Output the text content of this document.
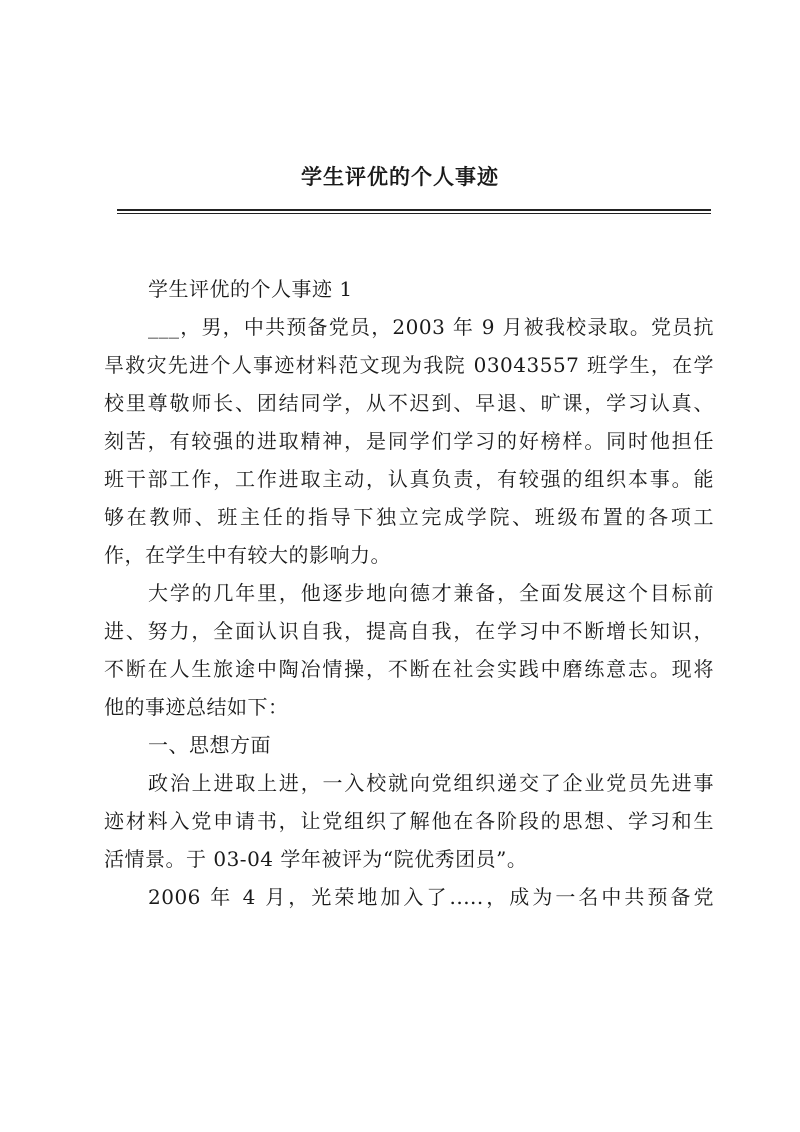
学生评优的个人事迹
学生评优的个人事迹 1
___，男，中共预备党员，2003 年 9 月被我校录取。党员抗
旱救灾先进个人事迹材料范文现为我院 03043557 班学生，在学
校里尊敬师长、团结同学，从不迟到、早退、旷课，学习认真、
刻苦，有较强的进取精神，是同学们学习的好榜样。同时他担任
班干部工作，工作进取主动，认真负责，有较强的组织本事。能
够在教师、班主任的指导下独立完成学院、班级布置的各项工
作，在学生中有较大的影响力。
大学的几年里，他逐步地向德才兼备，全面发展这个目标前
进、努力，全面认识自我，提高自我，在学习中不断增长知识，
不断在人生旅途中陶冶情操，不断在社会实践中磨练意志。现将
他的事迹总结如下：
一、思想方面
政治上进取上进，一入校就向党组织递交了企业党员先进事
迹材料入党申请书，让党组织了解他在各阶段的思想、学习和生
活情景。于 03-04 学年被评为“院优秀团员”。
2006 年 4 月，光荣地加入了.....，成为一名中共预备党
